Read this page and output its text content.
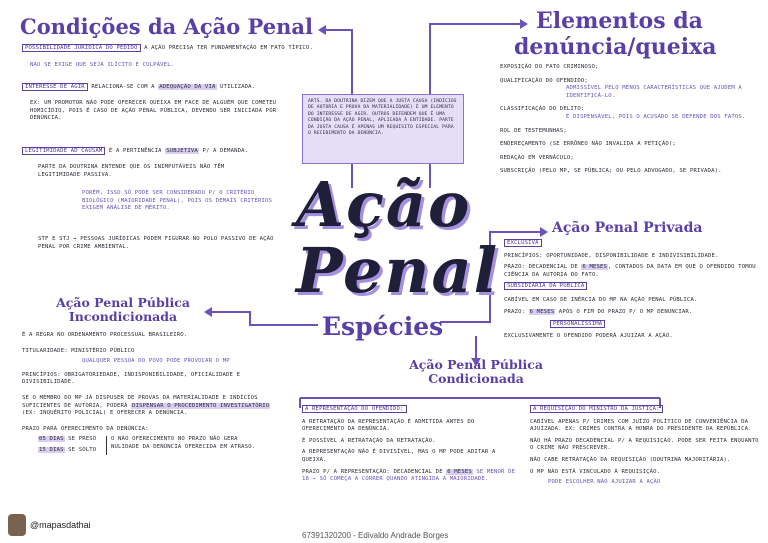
Condições da Ação Penal
POSSIBILIDADE JURÍDICA DO PEDIDO A AÇÃO PRECISA TER FUNDAMENTAÇÃO EM FATO TÍPICO.
NÃO SE EXIGE QUE SEJA ILÍCITO E CULPÁVEL.
INTERESSE DE AGIR RELACIONA-SE COM A ADEQUAÇÃO DA VIA UTILIZADA.
EX: UM PROMOTOR NÃO PODE OFERECER QUEIXA EM FACE DE ALGUÉM QUE COMETEU HOMICÍDIO, POIS É CASO DE AÇÃO PENAL PÚBLICA, DEVENDO SER INICIADA POR DENÚNCIA.
LEGITIMIDADE AD CAUSAM É A PERTINÊNCIA SUBJETIVA P/ A DEMANDA.
PARTE DA DOUTRINA ENTENDE QUE OS INIMPUTÁVEIS NÃO TÊM LEGITIMIDADE PASSIVA.
PORÉM, ISSO SÓ PODE SER CONSIDERADO P/ O CRITÉRIO BIOLÓGICO (MAIORIDADE PENAL), POIS OS DEMAIS CRITÉRIOS EXIGEM ANÁLISE DE MÉRITO.
STF E STJ → PESSOAS JURÍDICAS PODEM FIGURAR NO POLO PASSIVO DE AÇÃO PENAL POR CRIME AMBIENTAL.
ARTS. DA DOUTRINA DIZEM QUE A JUSTA CAUSA (INDÍCIOS DE AUTORIA E PROVA DA MATERIALIDADE) É UM ELEMENTO DO INTERESSE DE AGIR. OUTROS DEFENDEM QUE É UMA CONDIÇÃO DA AÇÃO PENAL, APLICADA À ENTIDADE. PARTE DA JUSTA CAUSA É APENAS UM REQUISITO ESPECIAL PARA O RECEBIMENTO DA DENÚNCIA.
Elementos da
denúncia/queixa
EXPOSIÇÃO DO FATO CRIMINOSO;
QUALIFICAÇÃO DO OFENDIDO;
ADMISSÍVEL PELO MENOS CARACTERÍSTICAS QUE AJUDEM A IDENTIFICÁ-LO.
CLASSIFICAÇÃO DO DELITO;
É DISPENSÁVEL, POIS O ACUSADO SE DEFENDE DOS FATOS.
ROL DE TESTEMUNHAS;
ENDEREÇAMENTO (SE ERRÔNEO NÃO INVALIDA A PETIÇÃO);
REDAÇÃO EM VERNÁCULO;
SUBSCRIÇÃO (PELO MP, SE PÚBLICA; OU PELO ADVOGADO, SE PRIVADA).
Ação
Penal
Espécies
Ação Penal Privada
EXCLUSIVA
PRINCÍPIOS: OPORTUNIDADE, DISPONIBILIDADE E INDIVISIBILIDADE.
PRAZO: DECADENCIAL DE 6 MESES, CONTADOS DA DATA EM QUE O OFENDIDO TOMOU CIÊNCIA DA AUTORIA DO FATO.
SUBSIDIÁRIA DA PÚBLICA
CABÍVEL EM CASO DE INÉRCIA DO MP NA AÇÃO PENAL PÚBLICA.
PRAZO: 6 MESES APÓS O FIM DO PRAZO P/ O MP DENUNCIAR.
PERSONALÍSSIMA
EXCLUSIVAMENTE O OFENDIDO PODERÁ AJUIZAR A AÇÃO.
Ação Penal Pública
Incondicionada
É A REGRA NO ORDENAMENTO PROCESSUAL BRASILEIRO.
TITULARIDADE: MINISTÉRIO PÚBLICO
QUALQUER PESSOA DO POVO PODE PROVOCAR O MP
PRINCÍPIOS: OBRIGATORIEDADE, INDISPONIBILIDADE, OFICIALIDADE E DIVISIBILIDADE.
SE O MEMBRO DO MP JÁ DISPUSER DE PROVAS DA MATERIALIDADE E INDÍCIOS SUFICIENTES DE AUTORIA, PODERÁ DISPENSAR O PROCEDIMENTO INVESTIGATÓRIO (EX: INQUÉRITO POLICIAL) E OFERECER A DENÚNCIA.
PRAZO PARA OFERECIMENTO DA DENÚNCIA:
05 DIAS SE PRESO
15 DIAS SE SOLTO
O NÃO OFERECIMENTO NO PRAZO NÃO GERA NULIDADE DA DENÚNCIA OFERECIDA EM ATRASO.
Ação Penal Pública
Condicionada
À REPRESENTAÇÃO DO OFENDIDO:
A RETRATAÇÃO DA REPRESENTAÇÃO É ADMITIDA ANTES DO OFERECIMENTO DA DENÚNCIA.
É POSSÍVEL A RETRATAÇÃO DA RETRATAÇÃO.
A REPRESENTAÇÃO NÃO É DIVISÍVEL, MAS O MP PODE ADITAR A QUEIXA.
PRAZO P/ A REPRESENTAÇÃO: DECADENCIAL DE 6 MESES SE MENOR DE 18 → SÓ COMEÇA A CORRER QUANDO ATINGIDA A MAIORIDADE.
À REQUISIÇÃO DO MINISTRO DA JUSTIÇA:
CABÍVEL APENAS P/ CRIMES COM JUÍZO POLÍTICO DE CONVENIÊNCIA DA AJUIZADA. EX: CRIMES CONTRA A HONRA DO PRESIDENTE DA REPÚBLICA.
NÃO HÁ PRAZO DECADENCIAL P/ A REQUISIÇÃO. PODE SER FEITA ENQUANTO O CRIME NÃO PRESCREVER.
NÃO CABE RETRATAÇÃO DA REQUISIÇÃO (DOUTRINA MAJORITÁRIA).
O MP NÃO ESTÁ VINCULADO À REQUISIÇÃO.
PODE ESCOLHER NÃO AJUIZAR A AÇÃO
@mapasdathai
67391320200 - Edivaldo Andrade Borges
